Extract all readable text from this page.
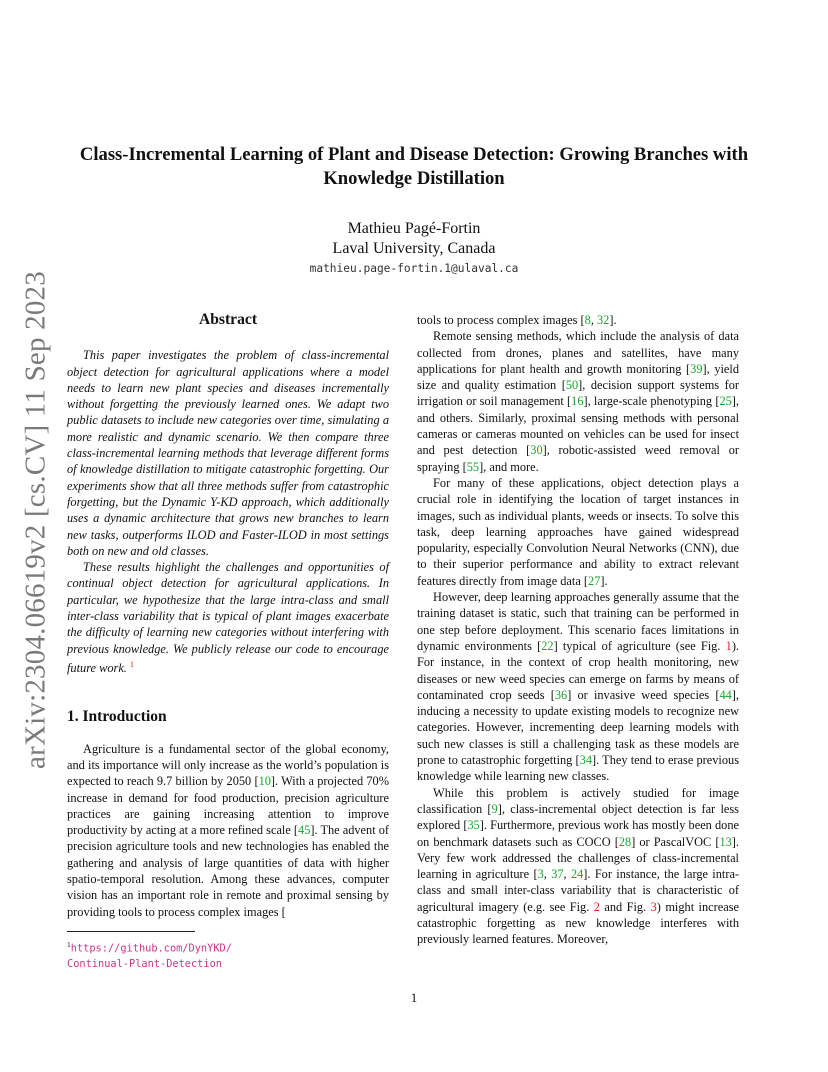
arXiv:2304.06619v2 [cs.CV] 11 Sep 2023
Class-Incremental Learning of Plant and Disease Detection: Growing Branches with Knowledge Distillation
Mathieu Pagé-Fortin
Laval University, Canada
mathieu.page-fortin.1@ulaval.ca
Abstract

This paper investigates the problem of class-incremental object detection for agricultural applications where a model needs to learn new plant species and diseases incrementally without forgetting the previously learned ones. We adapt two public datasets to include new categories over time, simulating a more realistic and dynamic scenario. We then compare three class-incremental learning methods that leverage different forms of knowledge distillation to mitigate catastrophic forgetting. Our experiments show that all three methods suffer from catastrophic forgetting, but the Dynamic Y-KD approach, which additionally uses a dynamic architecture that grows new branches to learn new tasks, outperforms ILOD and Faster-ILOD in most settings both on new and old classes.

These results highlight the challenges and opportunities of continual object detection for agricultural applications. In particular, we hypothesize that the large intra-class and small inter-class variability that is typical of plant images exacerbate the difficulty of learning new categories without interfering with previous knowledge. We publicly release our code to encourage future work. $^1$

1. Introduction

Agriculture is a fundamental sector of the global economy, and its importance will only increase as the world’s population is expected to reach 9.7 billion by 2050 [10]. With a projected 70% increase in demand for food production, precision agriculture practices are gaining increasing attention to improve productivity by acting at a more refined scale [45]. The advent of precision agriculture tools and new technologies has enabled the gathering and analysis of large quantities of data with higher spatio-temporal resolution. Among these advances, computer vision has an important role in remote and proximal sensing by providing tools to process complex images [

tools to process complex images [8, 32].

Remote sensing methods, which include the analysis of data collected from drones, planes and satellites, have many applications for plant health and growth monitoring [39], yield size and quality estimation [50], decision support systems for irrigation or soil management [16], large-scale phenotyping [25], and others. Similarly, proximal sensing methods with personal cameras or cameras mounted on vehicles can be used for insect and pest detection [30], robotic-assisted weed removal or spraying [55], and more.

For many of these applications, object detection plays a crucial role in identifying the location of target instances in images, such as individual plants, weeds or insects. To solve this task, deep learning approaches have gained widespread popularity, especially Convolution Neural Networks (CNN), due to their superior performance and ability to extract relevant features directly from image data [27].

However, deep learning approaches generally assume that the training dataset is static, such that training can be performed in one step before deployment. This scenario faces limitations in dynamic environments [22] typical of agriculture (see Fig. 1). For instance, in the context of crop health monitoring, new diseases or new weed species can emerge on farms by means of contaminated crop seeds [36] or invasive weed species [44], inducing a necessity to update existing models to recognize new categories. However, incrementing deep learning models with such new classes is still a challenging task as these models are prone to catastrophic forgetting [34]. They tend to erase previous knowledge while learning new classes.

While this problem is actively studied for image classification [9], class-incremental object detection is far less explored [35]. Furthermore, previous work has mostly been done on benchmark datasets such as COCO [28] or PascalVOC [13]. Very few work addressed the challenges of class-incremental learning in agriculture [3, 37, 24]. For instance, the large intra-class and small inter-class variability that is characteristic of agricultural imagery (e.g. see Fig. 2 and Fig. 3) might increase catastrophic forgetting as new knowledge interferes with previously learned features. Moreover,

$^1$https://github.com/DynYKD/
Continual-Plant-Detection
1
